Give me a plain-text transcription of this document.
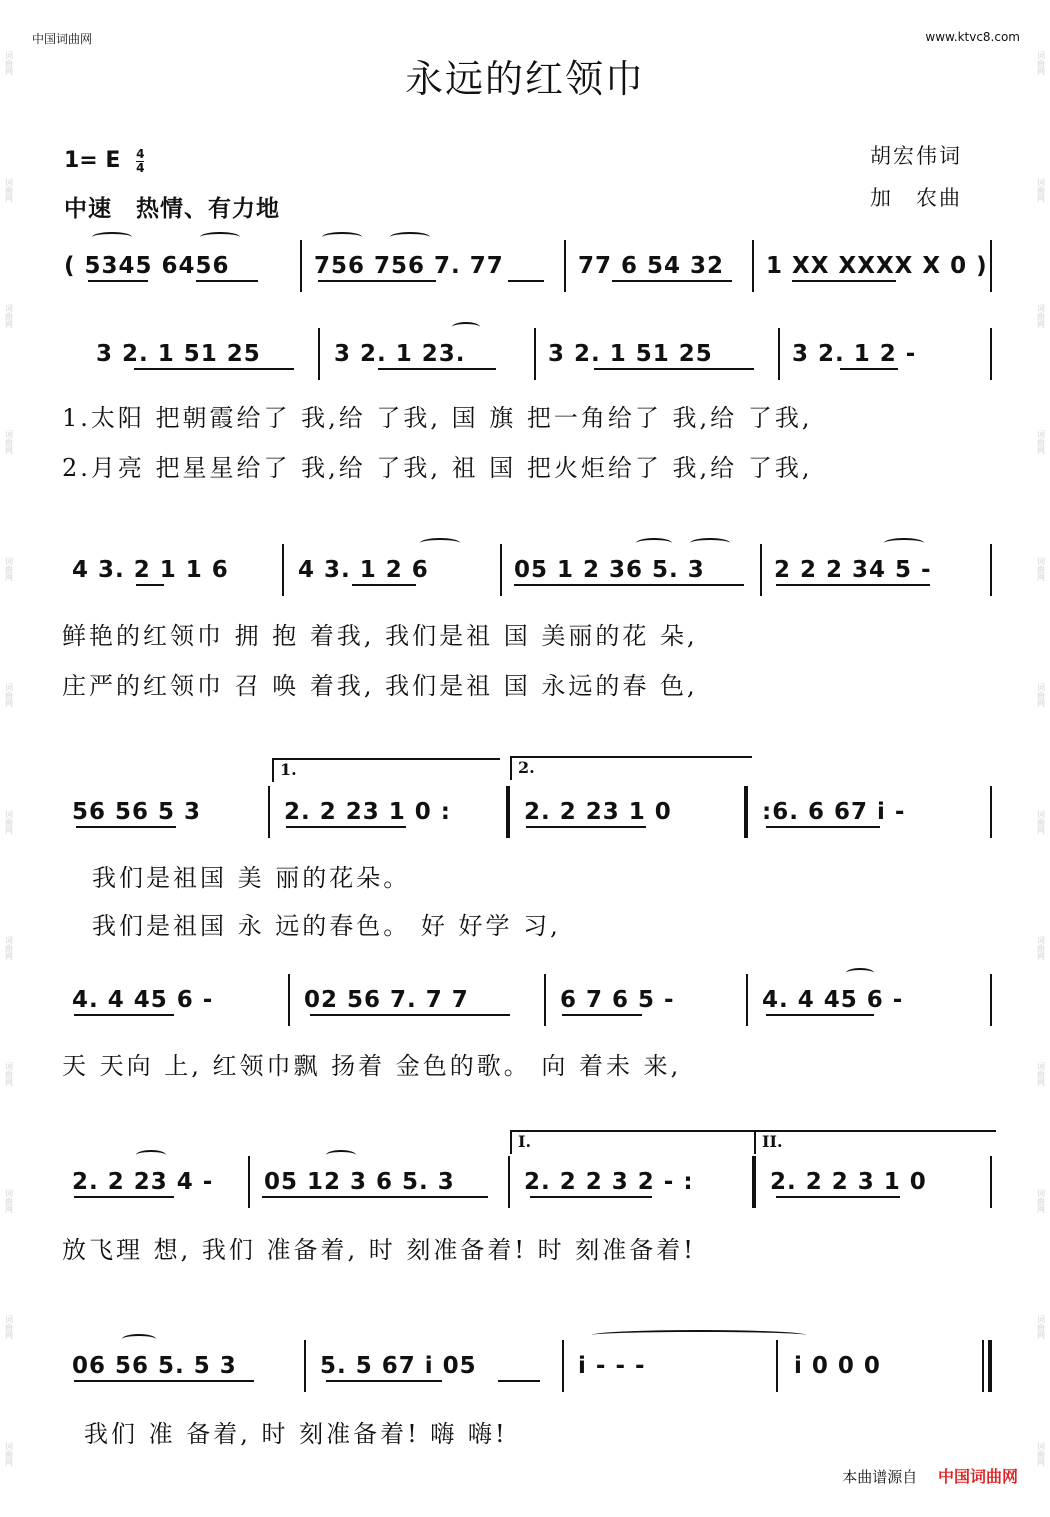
词曲网
词曲网
词曲网
词曲网
词曲网
词曲网
词曲网
词曲网
词曲网
词曲网
词曲网
词曲网
词曲网
词曲网
词曲网
词曲网
词曲网
词曲网
词曲网
词曲网
词曲网
词曲网
词曲网
词曲网
中国词曲网	www.ktvc8.com
永远的红领巾
1= E $\frac{4}{4}$
中速　热情、有力地
胡宏伟词
加　农曲
( 5345 6456	756 756 7. 77	77 6 54 32	1 XX XXXX X 0 )
3 2. 1 51 25	3 2. 1 23.	3 2. 1 51 25	3 2. 1 2 -
1.太阳 把朝霞给了 我,给 了我, 国 旗 把一角给了 我,给 了我,
2.月亮 把星星给了 我,给 了我, 祖 国 把火炬给了 我,给 了我,
4 3. 2 1 1 6	4 3. 1 2 6	05 1 2 36 5. 3	2 2 2 34 5 -
鲜艳的红领巾 拥 抱 着我, 我们是祖 国 美丽的花 朵,
庄严的红领巾 召 唤 着我, 我们是祖 国 永远的春 色,
1.	2.
56 56 5 3	2. 2 23 1 0 :	2. 2 23 1 0	:6. 6 67 i -
我们是祖国 美 丽的花朵。
我们是祖国 永 远的春色。 好 好学 习,
4. 4 45 6 -	02 56 7. 7 7	6 7 6 5 -	4. 4 45 6 -
天 天向 上, 红领巾飘 扬着 金色的歌。 向 着未 来,
I.	II.
2. 2 23 4 -	05 12 3 6 5. 3	2. 2 2 3 2 - :	2. 2 2 3 1 0
放飞理 想, 我们 准备着, 时 刻准备着! 时 刻准备着!
06 56 5. 5 3	5. 5 67 i 05	i - - -	i 0 0 0
我们 准 备着, 时 刻准备着! 嗨 嗨!
本曲谱源自 中国词曲网
